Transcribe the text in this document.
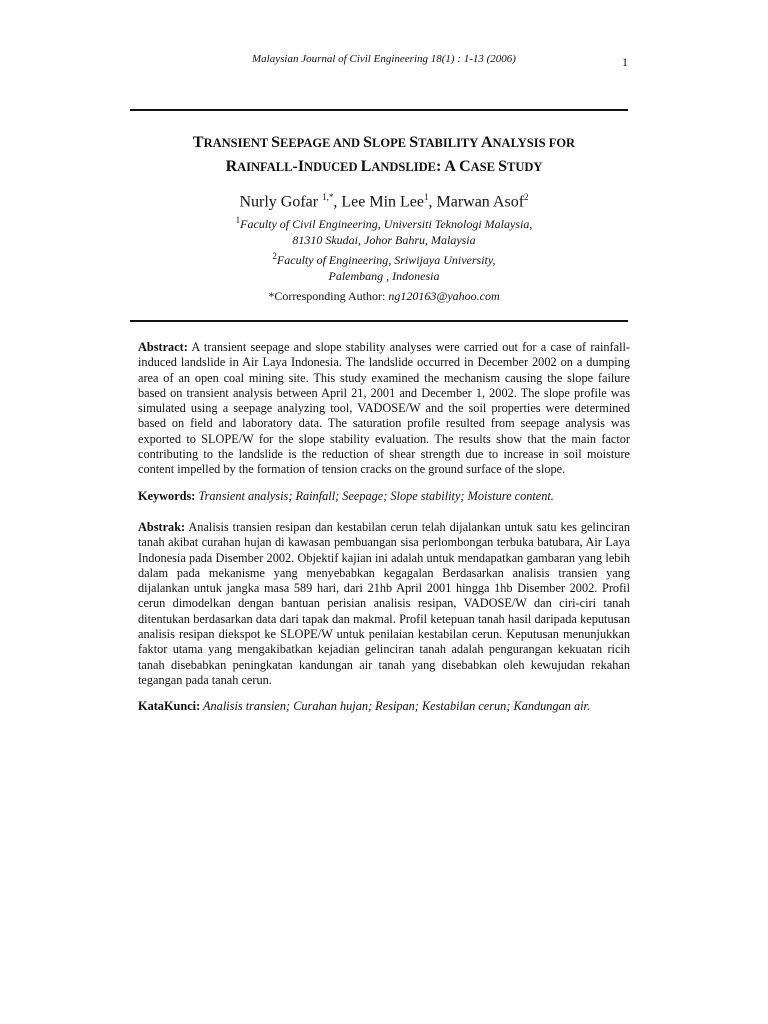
Malaysian Journal of Civil Engineering 18(1) : 1-13 (2006)	1
TRANSIENT SEEPAGE AND SLOPE STABILITY ANALYSIS FOR
RAINFALL-INDUCED LANDSLIDE: A CASE STUDY
Nurly Gofar $^{1,*}$, Lee Min Lee$^1$, Marwan Asof$^2$
$^1$Faculty of Civil Engineering, Universiti Teknologi Malaysia,
81310 Skudai, Johor Bahru, Malaysia
$^2$Faculty of Engineering, Sriwijaya University,
Palembang , Indonesia
*Corresponding Author: ng120163@yahoo.com
Abstract: A transient seepage and slope stability analyses were carried out for a case of rainfall-induced landslide in Air Laya Indonesia. The landslide occurred in December 2002 on a dumping area of an open coal mining site. This study examined the mechanism causing the slope failure based on transient analysis between April 21, 2001 and December 1, 2002. The slope profile was simulated using a seepage analyzing tool, VADOSE/W and the soil properties were determined based on field and laboratory data. The saturation profile resulted from seepage analysis was exported to SLOPE/W for the slope stability evaluation. The results show that the main factor contributing to the landslide is the reduction of shear strength due to increase in soil moisture content impelled by the formation of tension cracks on the ground surface of the slope.
Keywords: Transient analysis; Rainfall; Seepage; Slope stability; Moisture content.
Abstrak: Analisis transien resipan dan kestabilan cerun telah dijalankan untuk satu kes gelinciran tanah akibat curahan hujan di kawasan pembuangan sisa perlombongan terbuka batubara, Air Laya Indonesia pada Disember 2002. Objektif kajian ini adalah untuk mendapatkan gambaran yang lebih dalam pada mekanisme yang menyebabkan kegagalan Berdasarkan analisis transien yang dijalankan untuk jangka masa 589 hari, dari 21hb April 2001 hingga 1hb Disember 2002. Profil cerun dimodelkan dengan bantuan perisian analisis resipan, VADOSE/W dan ciri-ciri tanah ditentukan berdasarkan data dari tapak dan makmal. Profil ketepuan tanah hasil daripada keputusan analisis resipan diekspot ke SLOPE/W untuk penilaian kestabilan cerun. Keputusan menunjukkan faktor utama yang mengakibatkan kejadian gelinciran tanah adalah pengurangan kekuatan ricih tanah disebabkan peningkatan kandungan air tanah yang disebabkan oleh kewujudan rekahan tegangan pada tanah cerun.
KataKunci: Analisis transien; Curahan hujan; Resipan; Kestabilan cerun; Kandungan air.
